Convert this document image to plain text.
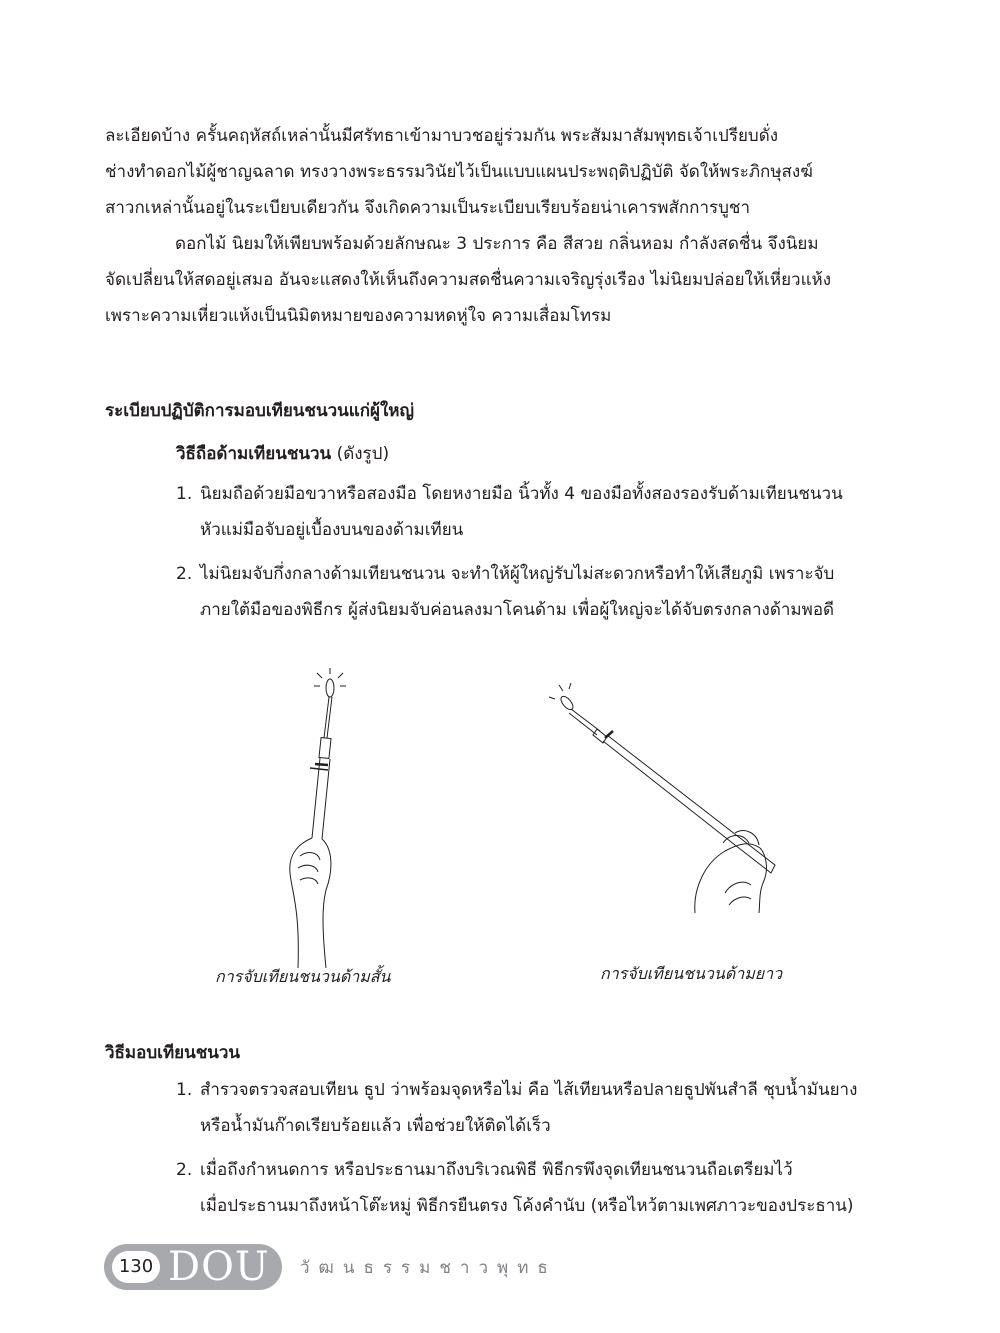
ละเอียดบ้าง ครั้นคฤหัสถ์เหล่านั้นมีศรัทธาเข้ามาบวชอยู่ร่วมกัน พระสัมมาสัมพุทธเจ้าเปรียบดั่ง
ช่างทำดอกไม้ผู้ชาญฉลาด ทรงวางพระธรรมวินัยไว้เป็นแบบแผนประพฤติปฏิบัติ จัดให้พระภิกษุสงฆ์
สาวกเหล่านั้นอยู่ในระเบียบเดียวกัน จึงเกิดความเป็นระเบียบเรียบร้อยน่าเคารพสักการบูชา

ดอกไม้ นิยมให้เพียบพร้อมด้วยลักษณะ 3 ประการ คือ สีสวย กลิ่นหอม กำลังสดชื่น จึงนิยม
จัดเปลี่ยนให้สดอยู่เสมอ อันจะแสดงให้เห็นถึงความสดชื่นความเจริญรุ่งเรือง ไม่นิยมปล่อยให้เหี่ยวแห้ง
เพราะความเหี่ยวแห้งเป็นนิมิตหมายของความหดหู่ใจ ความเสื่อมโทรม

ระเบียบปฏิบัติการมอบเทียนชนวนแก่ผู้ใหญ่

วิธีถือด้ามเทียนชนวน (ดังรูป)

1. นิยมถือด้วยมือขวาหรือสองมือ โดยหงายมือ นิ้วทั้ง 4 ของมือทั้งสองรองรับด้ามเทียนชนวน
หัวแม่มือจับอยู่เบื้องบนของด้ามเทียน
2. ไม่นิยมจับกึ่งกลางด้ามเทียนชนวน จะทำให้ผู้ใหญ่รับไม่สะดวกหรือทำให้เสียภูมิ เพราะจับ
ภายใต้มือของพิธีกร ผู้ส่งนิยมจับค่อนลงมาโคนด้าม เพื่อผู้ใหญ่จะได้จับตรงกลางด้ามพอดี
การจับเทียนชนวนด้ามสั้น	การจับเทียนชนวนด้ามยาว
วิธีมอบเทียนชนวน
1. สำรวจตรวจสอบเทียน ธูป ว่าพร้อมจุดหรือไม่ คือ ไส้เทียนหรือปลายธูปพันสำลี ชุบน้ำมันยาง
หรือน้ำมันก๊าดเรียบร้อยแล้ว เพื่อช่วยให้ติดได้เร็ว
2. เมื่อถึงกำหนดการ หรือประธานมาถึงบริเวณพิธี พิธีกรพึงจุดเทียนชนวนถือเตรียมไว้
เมื่อประธานมาถึงหน้าโต๊ะหมู่ พิธีกรยืนตรง โค้งคำนับ (หรือไหว้ตามเพศภาวะของประธาน)
130 DOU วัฒนธรรมชาวพุทธ
